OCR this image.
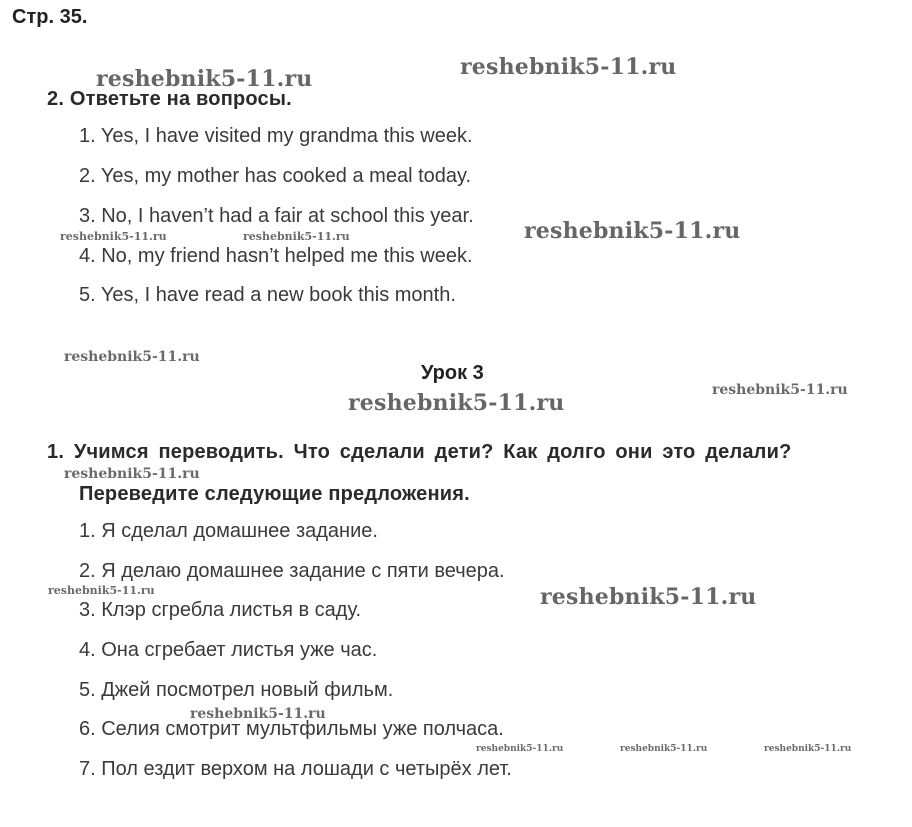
Стр. 35.
reshebnik5-11.ru	reshebnik5-11.ru
reshebnik5-11.ru	reshebnik5-11.ru	reshebnik5-11.ru
reshebnik5-11.ru
reshebnik5-11.ru	reshebnik5-11.ru
reshebnik5-11.ru
reshebnik5-11.ru	reshebnik5-11.ru
reshebnik5-11.ru
reshebnik5-11.ru	reshebnik5-11.ru	reshebnik5-11.ru
2. Ответьте на вопросы.
1. Yes, I have visited my grandma this week.
2. Yes, my mother has cooked a meal today.
3. No, I haven’t had a fair at school this year.
4. No, my friend hasn’t helped me this week.
5. Yes, I have read a new book this month.
Урок 3
1. Учимся переводить. Что сделали дети? Как долго они это делали?
Переведите следующие предложения.
1. Я сделал домашнее задание.
2. Я делаю домашнее задание с пяти вечера.
3. Клэр сгребла листья в саду.
4. Она сгребает листья уже час.
5. Джей посмотрел новый фильм.
6. Селия смотрит мультфильмы уже полчаса.
7. Пол ездит верхом на лошади с четырёх лет.
